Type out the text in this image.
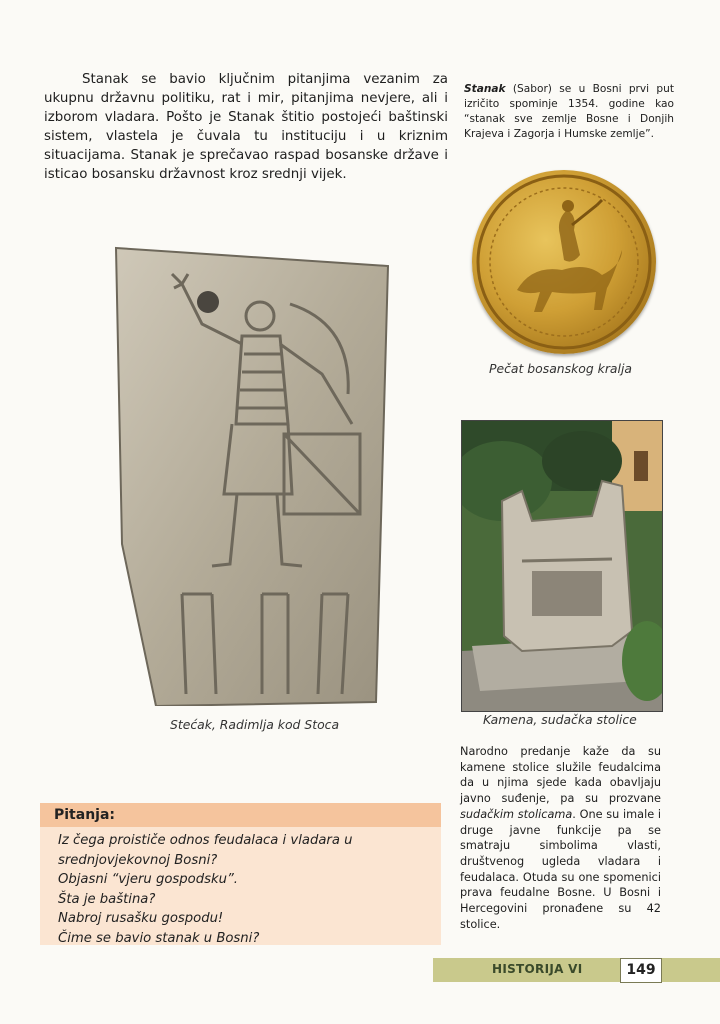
Stanak se bavio ključnim pitanjima vezanim za ukupnu državnu politiku, rat i mir, pitanjima nevjere, ali i izborom vladara. Pošto je Stanak štitio postojeći baštinski sistem, vlastela je čuvala tu instituciju i u kriznim situacijama. Stanak je sprečavao raspad bosanske države i isticao bosansku državnost kroz srednji vijek.

Stanak (Sabor) se u Bosni prvi put izričito spominje 1354. godine kao “stanak sve zemlje Bosne i Donjih Krajeva i Zagorja i Humske zemlje”.

Pečat bosanskog kralja
Stećak, Radimlja kod Stoca	Kamena, sudačka stolice

Narodno predanje kaže da su kamene stolice služile feudalcima da u njima sjede kada obavljaju javno suđenje, pa su prozvane sudačkim stolicama. One su imale i druge javne funkcije pa se smatraju simbolima vlasti, društvenog ugleda vladara i feudalaca. Otuda su one spomenici prava feudalne Bosne. U Bosni i Hercegovini pronađene su 42 stolice.

Pitanja:
Iz čega proističe odnos feudalaca i vladara u
srednjovjekovnoj Bosni?
Objasni “vjeru gospodsku”.
Šta je baština?
Nabroj rusašku gospodu!
Čime se bavio stanak u Bosni?
HISTORIJA VI	149
